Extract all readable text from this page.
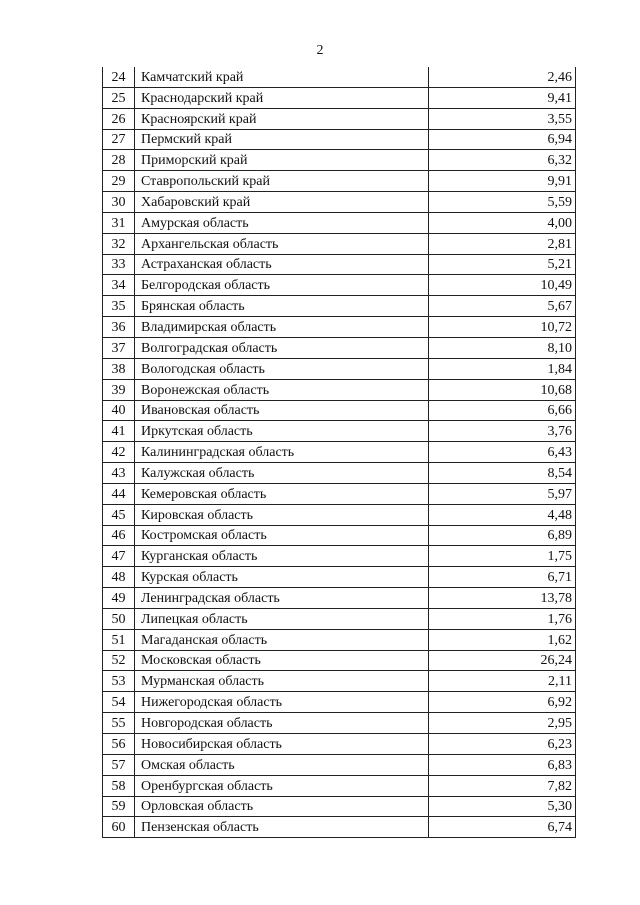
2
24	Камчатский край	2,46
25	Краснодарский край	9,41
26	Красноярский край	3,55
27	Пермский край	6,94
28	Приморский край	6,32
29	Ставропольский край	9,91
30	Хабаровский край	5,59
31	Амурская область	4,00
32	Архангельская область	2,81
33	Астраханская область	5,21
34	Белгородская область	10,49
35	Брянская область	5,67
36	Владимирская область	10,72
37	Волгоградская область	8,10
38	Вологодская область	1,84
39	Воронежская область	10,68
40	Ивановская область	6,66
41	Иркутская область	3,76
42	Калининградская область	6,43
43	Калужская область	8,54
44	Кемеровская область	5,97
45	Кировская область	4,48
46	Костромская область	6,89
47	Курганская область	1,75
48	Курская область	6,71
49	Ленинградская область	13,78
50	Липецкая область	1,76
51	Магаданская область	1,62
52	Московская область	26,24
53	Мурманская область	2,11
54	Нижегородская область	6,92
55	Новгородская область	2,95
56	Новосибирская область	6,23
57	Омская область	6,83
58	Оренбургская область	7,82
59	Орловская область	5,30
60	Пензенская область	6,74
